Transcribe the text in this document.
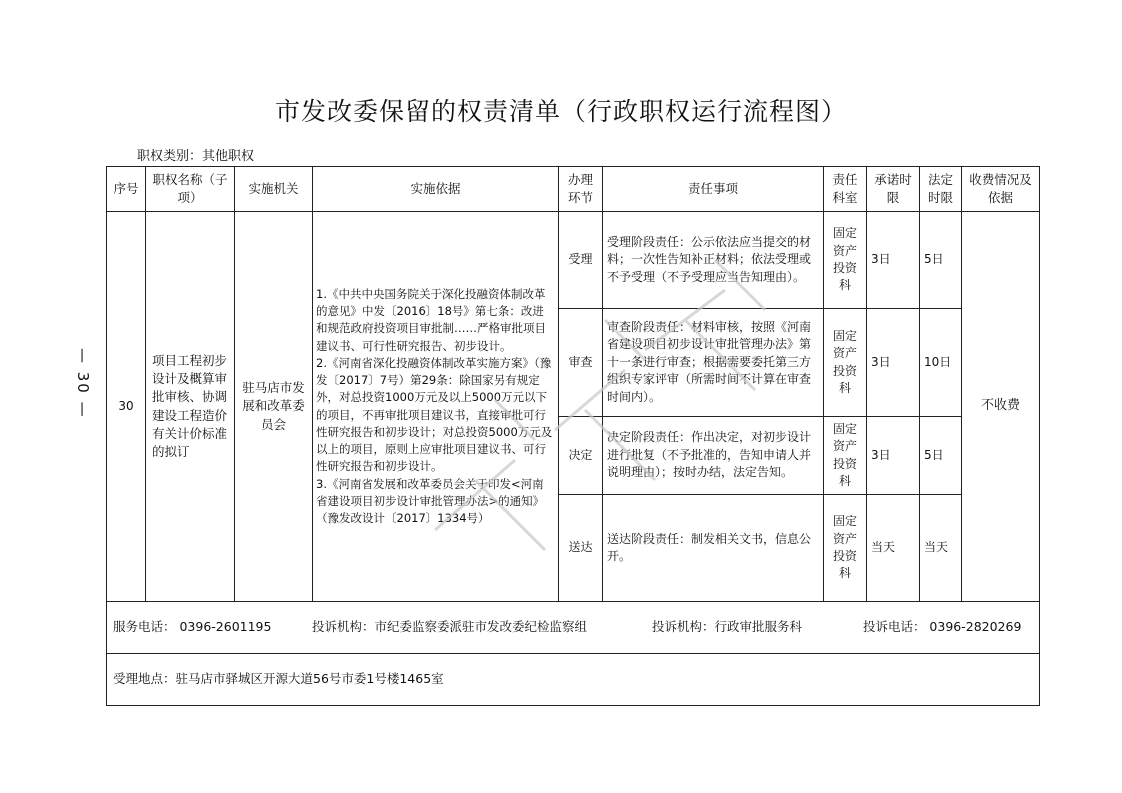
市发改委保留的权责清单（行政职权运行流程图）
职权类别：其他职权
— 30 —
序号	职权名称（子项）	实施机关	实施依据	办理环节	责任事项	责任科室	承诺时限	法定时限	收费情况及依据
30	项目工程初步设计及概算审批审核、协调建设工程造价有关计价标准的拟订	驻马店市发展和改革委员会	1.《中共中央国务院关于深化投融资体制改革的意见》中发〔2016〕18号》第七条：改进和规范政府投资项目审批制……严格审批项目建议书、可行性研究报告、初步设计。
2.《河南省深化投融资体制改革实施方案》（豫发〔2017〕7号）第29条：除国家另有规定外，对总投资1000万元及以上5000万元以下的项目，不再审批项目建议书，直接审批可行性研究报告和初步设计；对总投资5000万元及以上的项目，原则上应审批项目建议书、可行性研究报告和初步设计。
3.《河南省发展和改革委员会关于印发<河南省建设项目初步设计审批管理办法>的通知》（豫发改设计〔2017〕1334号）	受理	受理阶段责任：公示依法应当提交的材料；一次性告知补正材料；依法受理或不予受理（不予受理应当告知理由）。	固定资产投资科	3日	5日	不收费
				审查	审查阶段责任：材料审核，按照《河南省建设项目初步设计审批管理办法》第十一条进行审查；根据需要委托第三方组织专家评审（所需时间不计算在审查时间内）。	固定资产投资科	3日	10日	
				决定	决定阶段责任：作出决定，对初步设计进行批复（不予批准的，告知申请人并说明理由）；按时办结，法定告知。	固定资产投资科	3日	5日	
				送达	送达阶段责任：制发相关文书，信息公开。	固定资产投资科	当天	当天	
服务电话： 0396-2601195 投诉机构：市纪委监察委派驻市发改委纪检监察组 投诉机构：行政审批服务科 投诉电话： 0396-2820269									
受理地点：驻马店市驿城区开源大道56号市委1号楼1465室									
